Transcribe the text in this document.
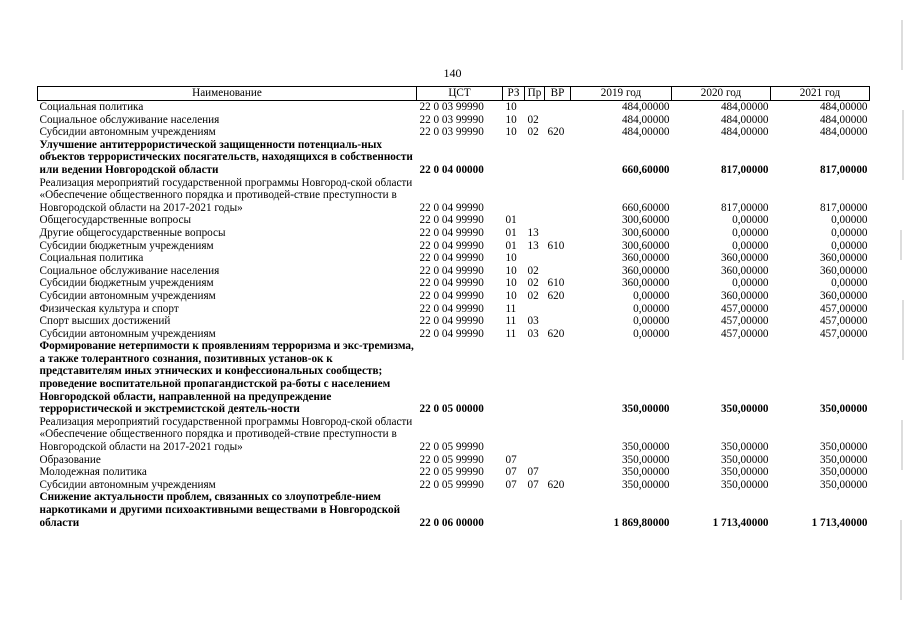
140
Наименование	ЦСТ	РЗ	Пр	ВР	2019 год	2020 год	2021 год
Социальная политика	22 0 03 99990	10			484,00000	484,00000	484,00000
Социальное обслуживание населения	22 0 03 99990	10	02		484,00000	484,00000	484,00000
Субсидии автономным учреждениям	22 0 03 99990	10	02	620	484,00000	484,00000	484,00000
Улучшение антитеррористической защищенности потенциаль-ных объектов террористических посягательств, находящихся в собственности или ведении Новгородской области	22 0 04 00000				660,60000	817,00000	817,00000
Реализация мероприятий государственной программы Новгород-ской области «Обеспечение общественного порядка и противодей-ствие преступности в Новгородской области на 2017-2021 годы»	22 0 04 99990				660,60000	817,00000	817,00000
Общегосударственные вопросы	22 0 04 99990	01			300,60000	0,00000	0,00000
Другие общегосударственные вопросы	22 0 04 99990	01	13		300,60000	0,00000	0,00000
Субсидии бюджетным учреждениям	22 0 04 99990	01	13	610	300,60000	0,00000	0,00000
Социальная политика	22 0 04 99990	10			360,00000	360,00000	360,00000
Социальное обслуживание населения	22 0 04 99990	10	02		360,00000	360,00000	360,00000
Субсидии бюджетным учреждениям	22 0 04 99990	10	02	610	360,00000	0,00000	0,00000
Субсидии автономным учреждениям	22 0 04 99990	10	02	620	0,00000	360,00000	360,00000
Физическая культура и спорт	22 0 04 99990	11			0,00000	457,00000	457,00000
Спорт высших достижений	22 0 04 99990	11	03		0,00000	457,00000	457,00000
Субсидии автономным учреждениям	22 0 04 99990	11	03	620	0,00000	457,00000	457,00000
Формирование нетерпимости к проявлениям терроризма и экс-тремизма, а также толерантного сознания, позитивных установ-ок к представителям иных этнических и конфессиональных сообществ; проведение воспитательной пропагандистской ра-боты с населением Новгородской области, направленной на предупреждение террористической и экстремистской деятель-ности	22 0 05 00000				350,00000	350,00000	350,00000
Реализация мероприятий государственной программы Новгород-ской области «Обеспечение общественного порядка и противодей-ствие преступности в Новгородской области на 2017-2021 годы»	22 0 05 99990				350,00000	350,00000	350,00000
Образование	22 0 05 99990	07			350,00000	350,00000	350,00000
Молодежная политика	22 0 05 99990	07	07		350,00000	350,00000	350,00000
Субсидии автономным учреждениям	22 0 05 99990	07	07	620	350,00000	350,00000	350,00000
Снижение актуальности проблем, связанных со злоупотребле-нием наркотиками и другими психоактивными веществами в Новгородской области	22 0 06 00000				1 869,80000	1 713,40000	1 713,40000
